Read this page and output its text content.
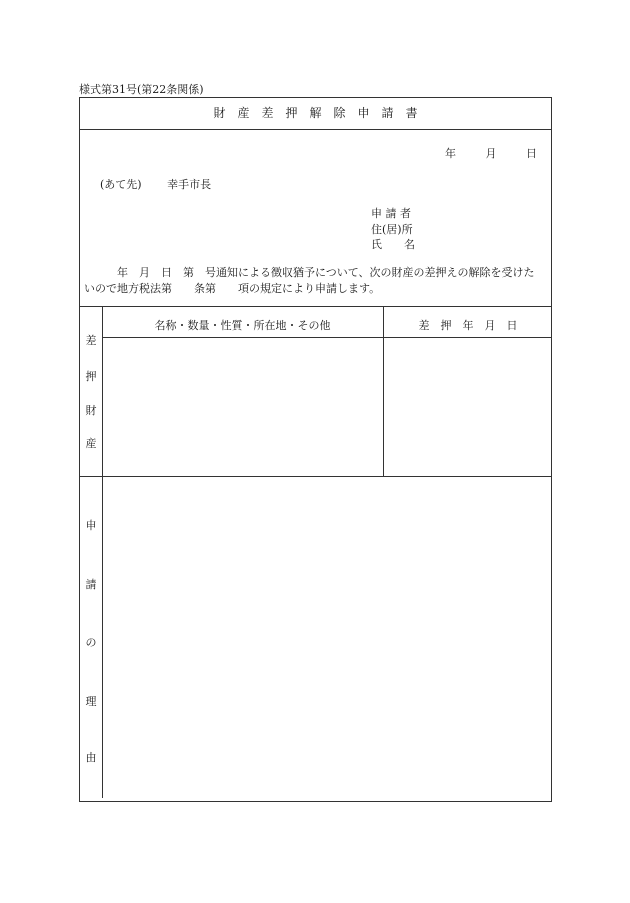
様式第31号(第22条関係)
財 産 差 押 解 除 申 請 書
年	月	日
(あて先) 幸手市長
申 請 者
住(居)所
氏　　名
　　　年　月　日　第　号通知による徴収猶予について、次の財産の差押えの解除を受けたいので地方税法第　　条第　　項の規定により申請します。
名称・数量・性質・所在地・その他	差　押　年　月　日
差
押
財
産
申
請
の
理
由
